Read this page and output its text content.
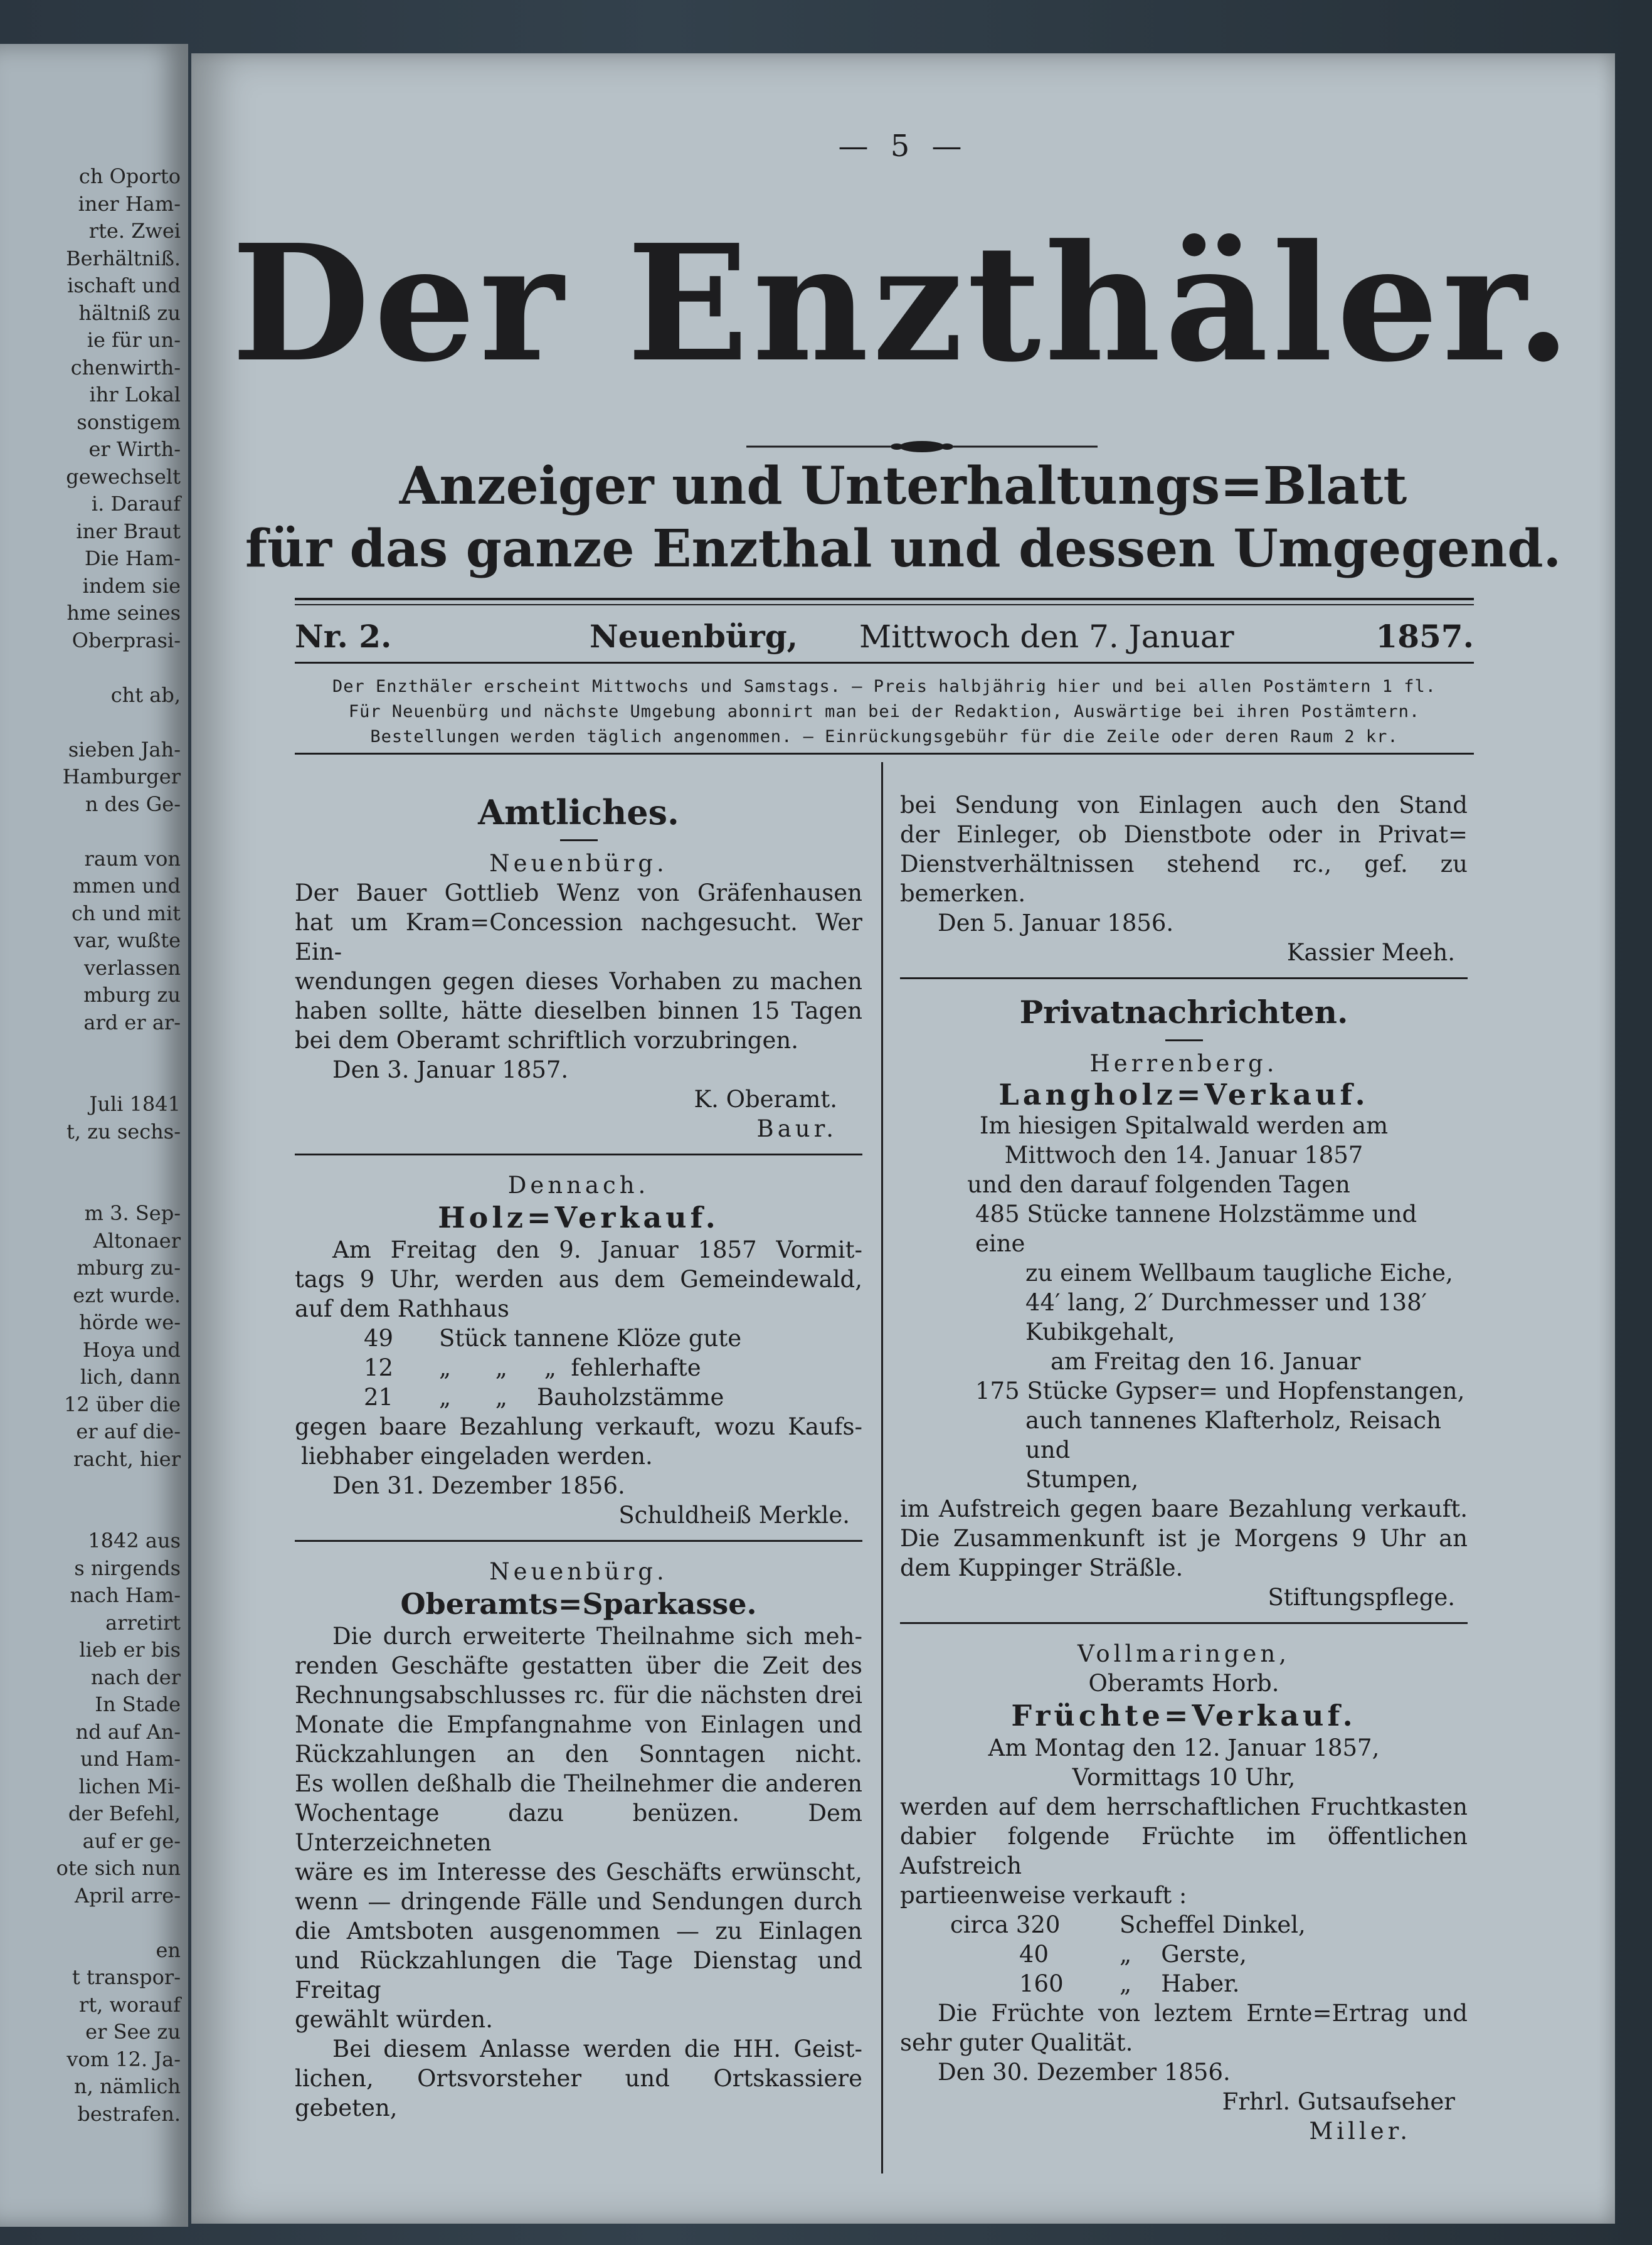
ch Oporto
iner Ham-
rte. Zwei
Berhältniß.
ischaft und
hältniß zu
ie für un-
chenwirth-
ihr Lokal
sonstigem
er Wirth-
gewechselt
i. Darauf
iner Braut
Die Ham-
indem sie
hme seines
Oberprasi-

cht ab,

sieben Jah-
Hamburger
n des Ge-

raum von
mmen und
ch und mit
var, wußte
verlassen
mburg zu
ard er ar-

Juli 1841
t, zu sechs-

m 3. Sep-
Altonaer
mburg zu-
ezt wurde.
hörde we-
Hoya und
lich, dann
12 über die
er auf die-
racht, hier

1842 aus
s nirgends
nach Ham-
arretirt
lieb er bis
nach der
In Stade
nd auf An-
und Ham-
lichen Mi-
der Befehl,
auf er ge-
ote sich nun
April arre-

en
t transpor-
rt, worauf
er See zu
vom 12. Ja-
n, nämlich
bestrafen.
— 5 —
Der Enzthäler.
Anzeiger und Unterhaltungs=Blatt
für das ganze Enzthal und dessen Umgegend.
Nr. 2.	Neuenbürg, Mittwoch den 7. Januar	1857.
Der Enzthäler erscheint Mittwochs und Samstags. – Preis halbjährig hier und bei allen Postämtern 1 fl.
Für Neuenbürg und nächste Umgebung abonnirt man bei der Redaktion, Auswärtige bei ihren Postämtern.
Bestellungen werden täglich angenommen. – Einrückungsgebühr für die Zeile oder deren Raum 2 kr.
Amtliches.

Neuenbürg.

Der Bauer Gottlieb Wenz von Gräfenhausen

hat um Kram=Concession nachgesucht. Wer Ein-

wendungen gegen dieses Vorhaben zu machen

haben sollte, hätte dieselben binnen 15 Tagen

bei dem Oberamt schriftlich vorzubringen.

Den 3. Januar 1857.

K. Oberamt.

Baur.

Dennach.

Holz=Verkauf.

Am Freitag den 9. Januar 1857 Vormit-

tags 9 Uhr, werden aus dem Gemeindewald,

auf dem Rathhaus

49	Stück tannene Klöze gute
12	„      „     „  fehlerhafte
21	„      „    Bauholzstämme

gegen baare Bezahlung verkauft, wozu Kaufs-

liebhaber eingeladen werden.

Den 31. Dezember 1856.

Schuldheiß Merkle.

Neuenbürg.

Oberamts=Sparkasse.

Die durch erweiterte Theilnahme sich meh-

renden Geschäfte gestatten über die Zeit des

Rechnungsabschlusses rc. für die nächsten drei

Monate die Empfangnahme von Einlagen und

Rückzahlungen an den Sonntagen nicht.

Es wollen deßhalb die Theilnehmer die anderen

Wochentage dazu benüzen. Dem Unterzeichneten

wäre es im Interesse des Geschäfts erwünscht,

wenn — dringende Fälle und Sendungen durch

die Amtsboten ausgenommen — zu Einlagen

und Rückzahlungen die Tage Dienstag und Freitag

gewählt würden.

Bei diesem Anlasse werden die HH. Geist-

lichen, Ortsvorsteher und Ortskassiere gebeten,

bei Sendung von Einlagen auch den Stand

der Einleger, ob Dienstbote oder in Privat=

Dienstverhältnissen stehend rc., gef. zu bemerken.

Den 5. Januar 1856.

Kassier Meeh.

Privatnachrichten.

Herrenberg.

Langholz=Verkauf.

Im hiesigen Spitalwald werden am

Mittwoch den 14. Januar 1857

und den darauf folgenden Tagen

485 Stücke tannene Holzstämme und eine

zu einem Wellbaum taugliche Eiche,

44′ lang, 2′ Durchmesser und 138′

Kubikgehalt,

am Freitag den 16. Januar

175 Stücke Gypser= und Hopfenstangen,

auch tannenes Klafterholz, Reisach und

Stumpen,

im Aufstreich gegen baare Bezahlung verkauft.

Die Zusammenkunft ist je Morgens 9 Uhr an

dem Kuppinger Sträßle.

Stiftungspflege.

Vollmaringen,

Oberamts Horb.

Früchte=Verkauf.

Am Montag den 12. Januar 1857,

Vormittags 10 Uhr,

werden auf dem herrschaftlichen Fruchtkasten

dabier folgende Früchte im öffentlichen Aufstreich

partieenweise verkauft :

circa 320	Scheffel Dinkel,
40	„    Gerste,
160	„    Haber.

Die Früchte von leztem Ernte=Ertrag und

sehr guter Qualität.

Den 30. Dezember 1856.

Frhrl. Gutsaufseher

Miller.
